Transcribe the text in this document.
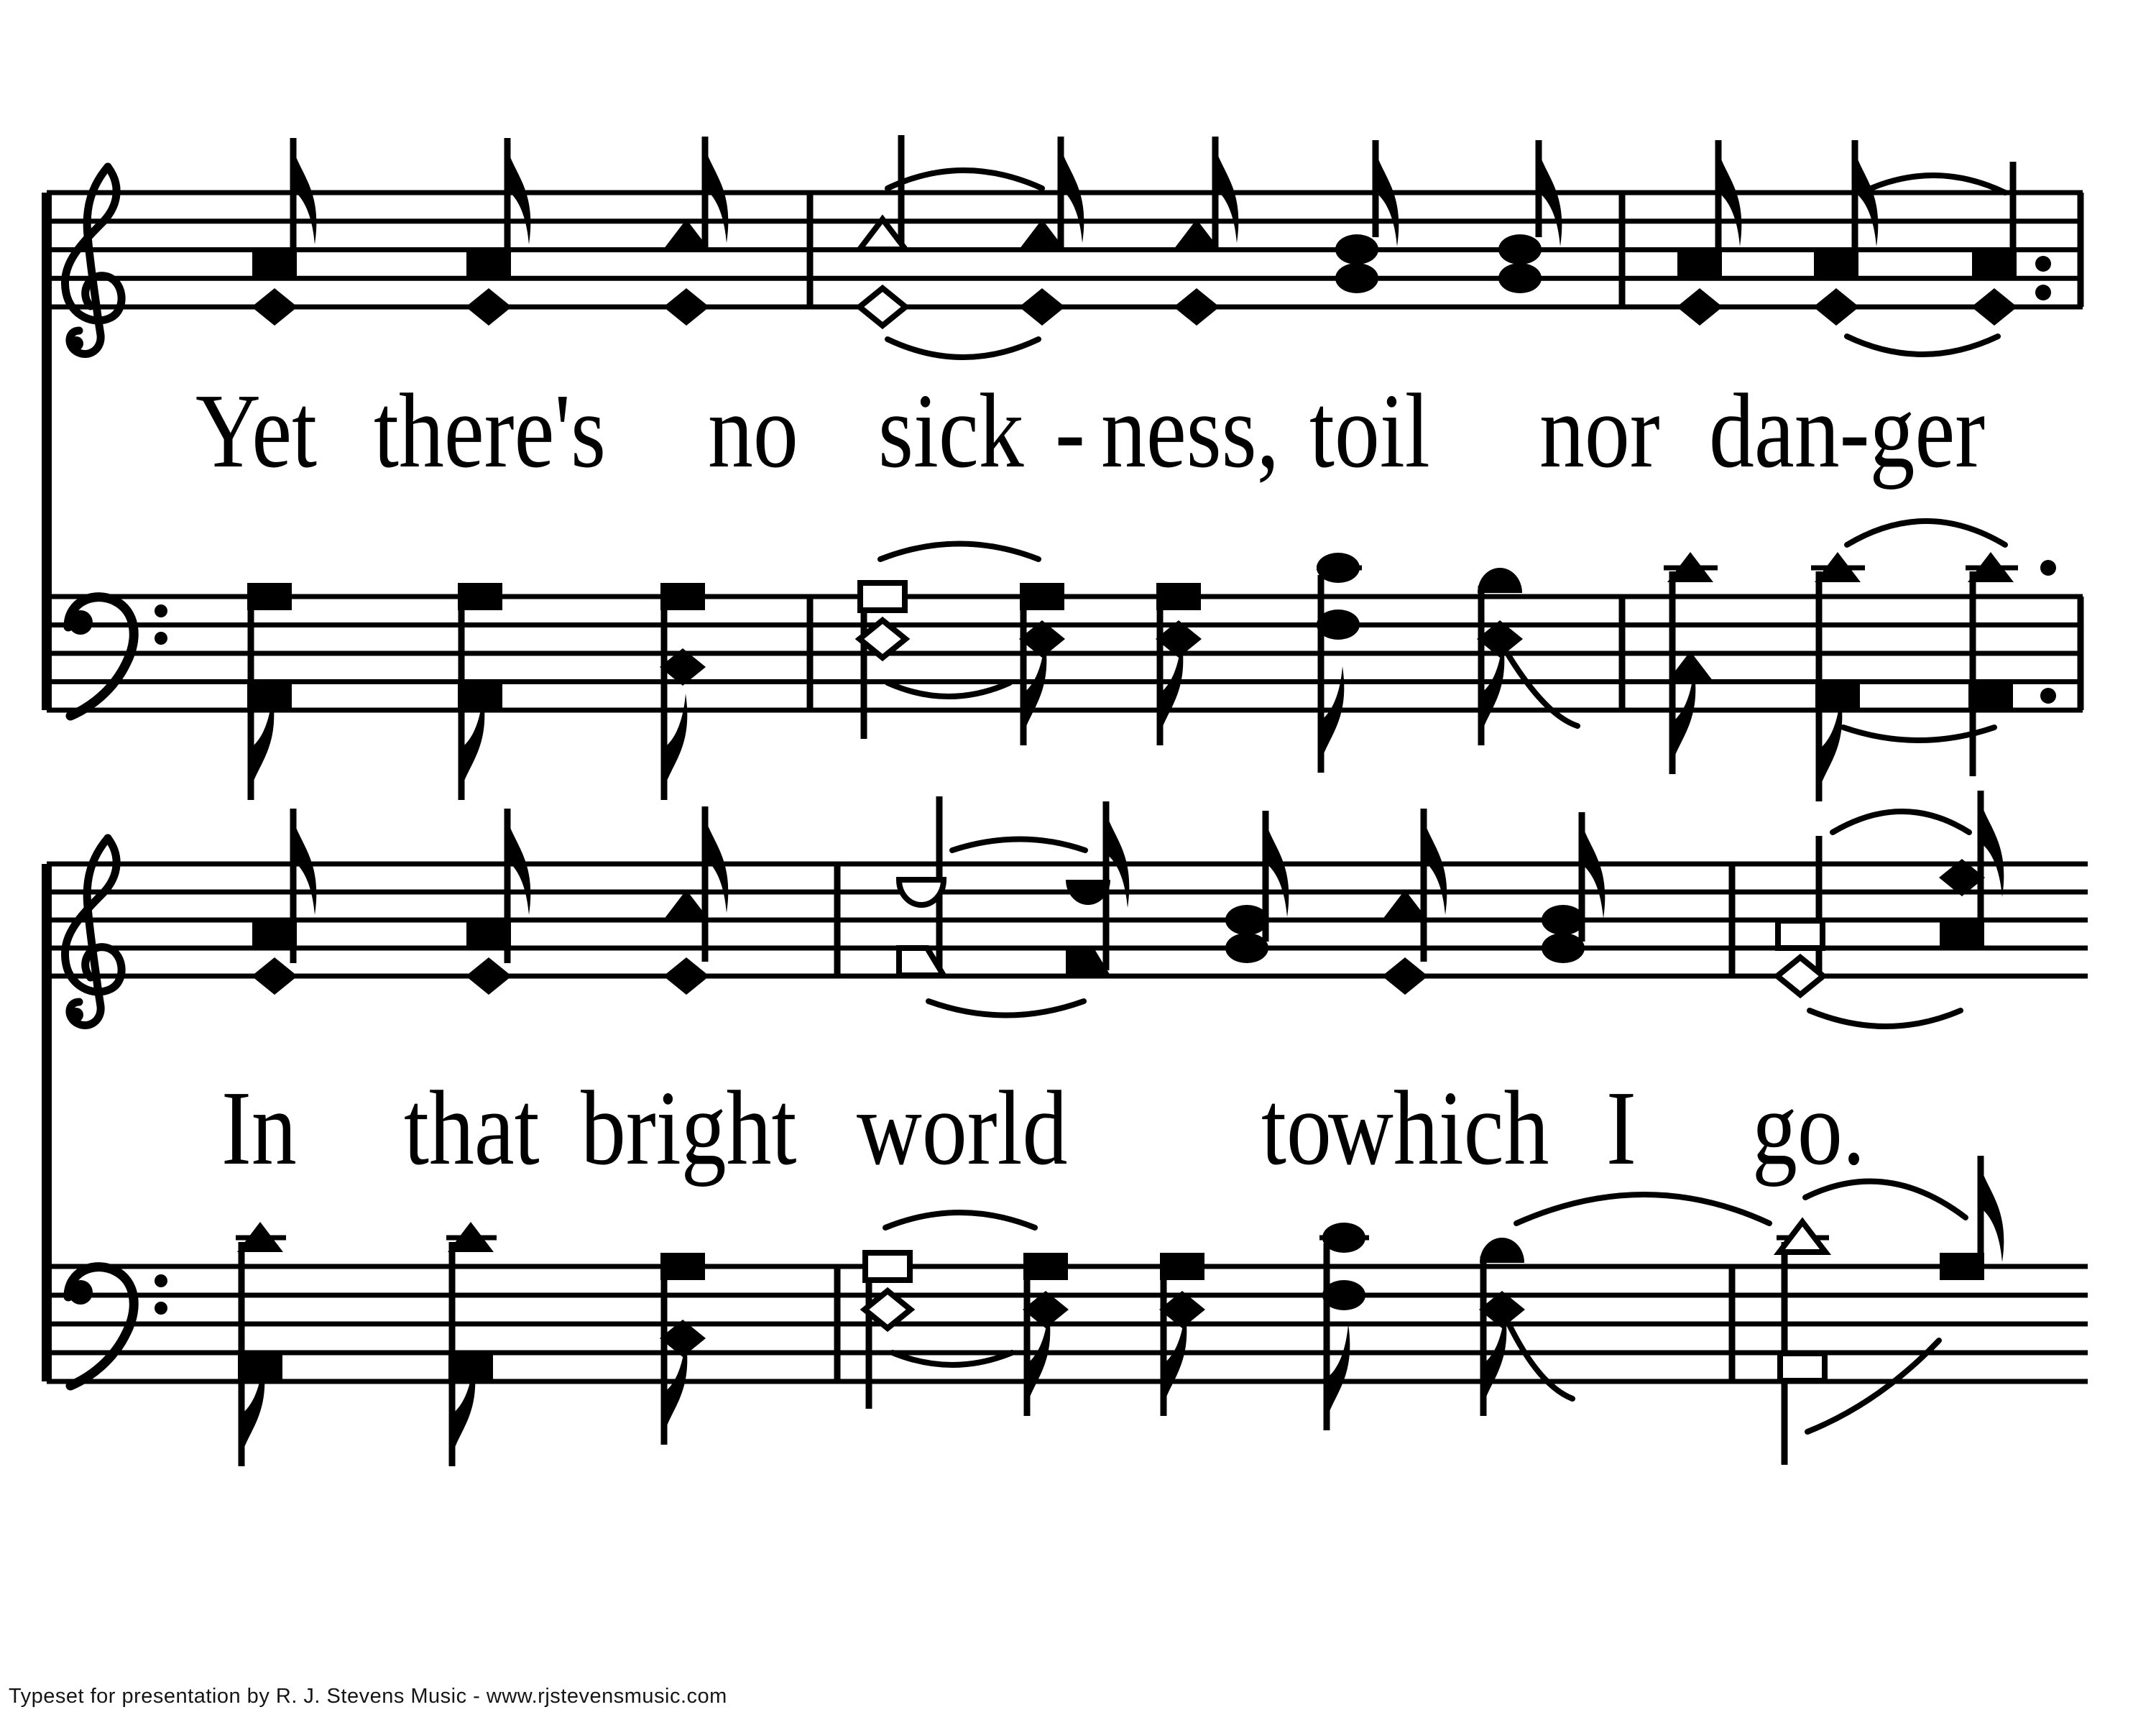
Yet there's no sick - ness, toil nor dan-ger
In that bright world to
which I go.
Typeset for presentation by R. J. Stevens Music - www.rjstevensmusic.com
